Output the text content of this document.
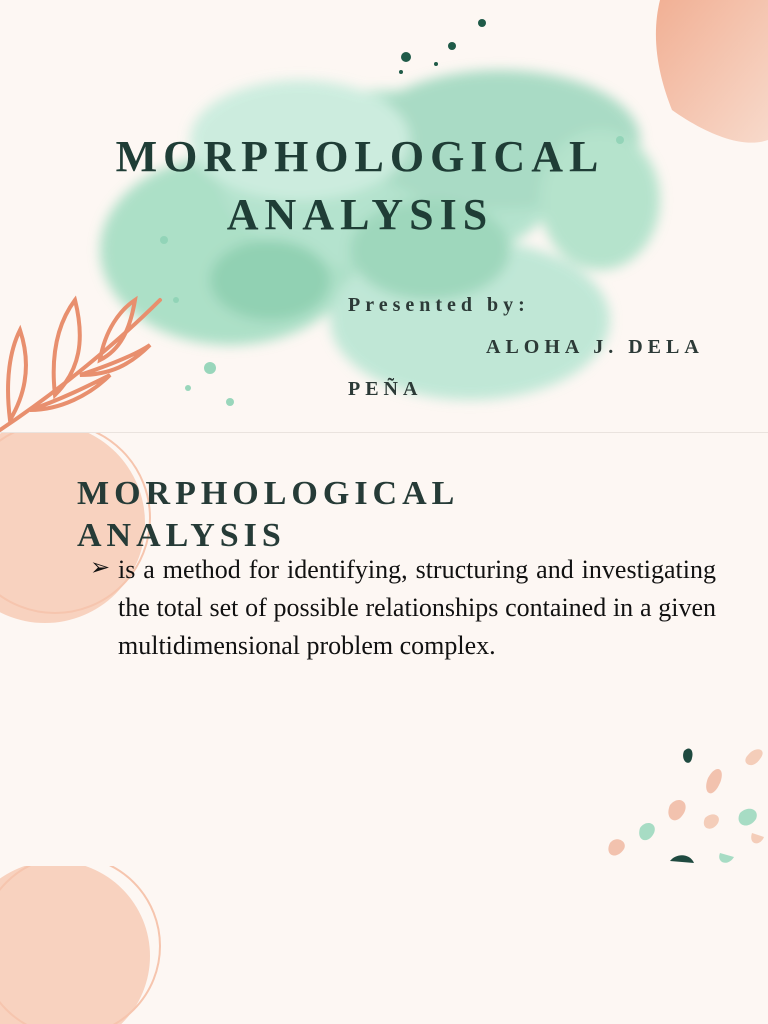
MORPHOLOGICAL
ANALYSIS
Presented by:
ALOHA J. DELA
PEÑA
MORPHOLOGICAL
ANALYSIS
➢ is a method for identifying, structuring and investigating the total set of possible relationships contained in a given multidimensional problem complex.
